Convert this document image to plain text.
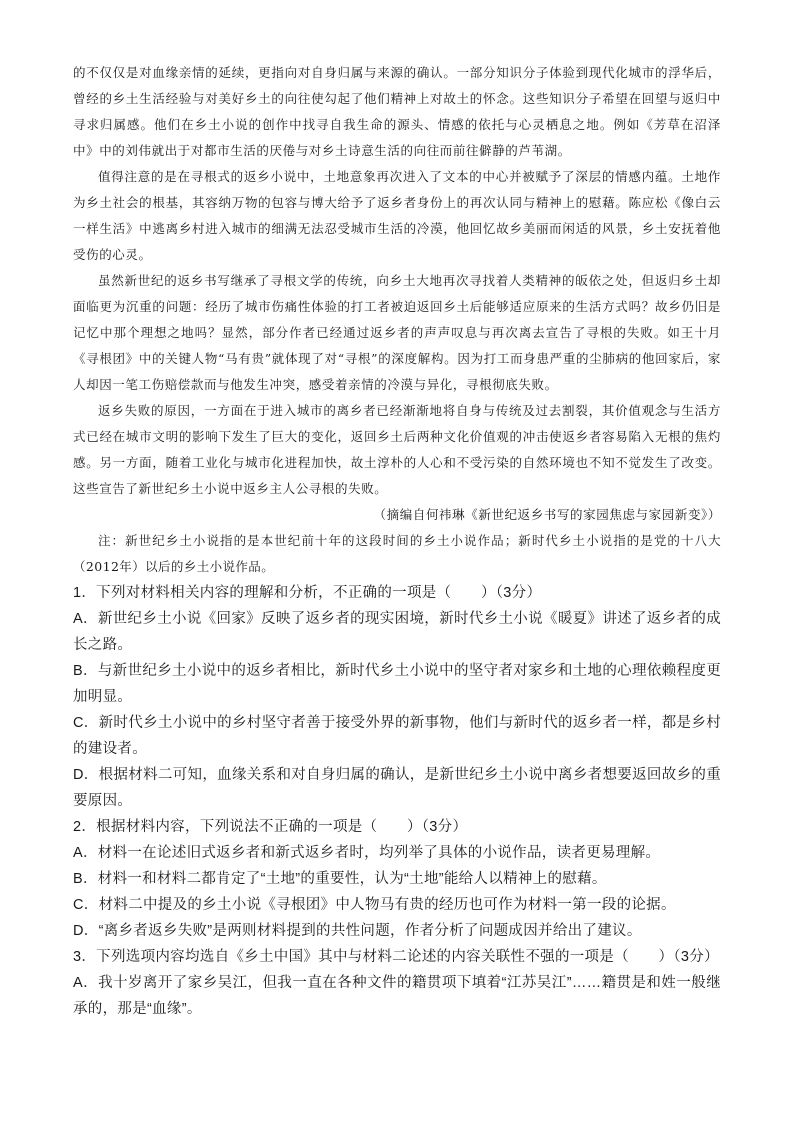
的不仅仅是对血缘亲情的延续，更指向对自身归属与来源的确认。一部分知识分子体验到现代化城市的浮华后，曾经的乡土生活经验与对美好乡土的向往使勾起了他们精神上对故土的怀念。这些知识分子希望在回望与返归中寻求归属感。他们在乡土小说的创作中找寻自我生命的源头、情感的依托与心灵栖息之地。例如《芳草在沼泽中》中的刘伟就出于对都市生活的厌倦与对乡土诗意生活的向往而前往僻静的芦苇湖。

值得注意的是在寻根式的返乡小说中，土地意象再次进入了文本的中心并被赋予了深层的情感内蕴。土地作为乡土社会的根基，其容纳万物的包容与博大给予了返乡者身份上的再次认同与精神上的慰藉。陈应松《像白云一样生活》中逃离乡村进入城市的细满无法忍受城市生活的冷漠，他回忆故乡美丽而闲适的风景，乡土安抚着他受伤的心灵。

虽然新世纪的返乡书写继承了寻根文学的传统，向乡土大地再次寻找着人类精神的皈依之处，但返归乡土却面临更为沉重的问题：经历了城市伤痛性体验的打工者被迫返回乡土后能够适应原来的生活方式吗？故乡仍旧是记忆中那个理想之地吗？显然，部分作者已经通过返乡者的声声叹息与再次离去宣告了寻根的失败。如王十月《寻根团》中的关键人物“马有贵”就体现了对“寻根”的深度解构。因为打工而身患严重的尘肺病的他回家后，家人却因一笔工伤赔偿款而与他发生冲突，感受着亲情的冷漠与异化，寻根彻底失败。

返乡失败的原因，一方面在于进入城市的离乡者已经渐渐地将自身与传统及过去割裂，其价值观念与生活方式已经在城市文明的影响下发生了巨大的变化，返回乡土后两种文化价值观的冲击使返乡者容易陷入无根的焦灼感。另一方面，随着工业化与城市化进程加快，故土淳朴的人心和不受污染的自然环境也不知不觉发生了改变。这些宣告了新世纪乡土小说中返乡主人公寻根的失败。

（摘编自何祎琳《新世纪返乡书写的家园焦虑与家园新变》）

注：新世纪乡土小说指的是本世纪前十年的这段时间的乡土小说作品；新时代乡土小说指的是党的十八大（2012年）以后的乡土小说作品。

1．下列对材料相关内容的理解和分析，不正确的一项是（　　）（3分）

A．新世纪乡土小说《回家》反映了返乡者的现实困境，新时代乡土小说《暖夏》讲述了返乡者的成长之路。

B．与新世纪乡土小说中的返乡者相比，新时代乡土小说中的坚守者对家乡和土地的心理依赖程度更加明显。

C．新时代乡土小说中的乡村坚守者善于接受外界的新事物，他们与新时代的返乡者一样，都是乡村的建设者。

D．根据材料二可知，血缘关系和对自身归属的确认，是新世纪乡土小说中离乡者想要返回故乡的重要原因。

2．根据材料内容，下列说法不正确的一项是（　　）（3分）

A．材料一在论述旧式返乡者和新式返乡者时，均列举了具体的小说作品，读者更易理解。

B．材料一和材料二都肯定了“土地”的重要性，认为“土地”能给人以精神上的慰藉。

C．材料二中提及的乡土小说《寻根团》中人物马有贵的经历也可作为材料一第一段的论据。

D．“离乡者返乡失败”是两则材料提到的共性问题，作者分析了问题成因并给出了建议。

3．下列选项内容均选自《乡土中国》其中与材料二论述的内容关联性不强的一项是（　　）（3分）

A．我十岁离开了家乡吴江，但我一直在各种文件的籍贯项下填着“江苏吴江”……籍贯是和姓一般继承的，那是“血缘”。
